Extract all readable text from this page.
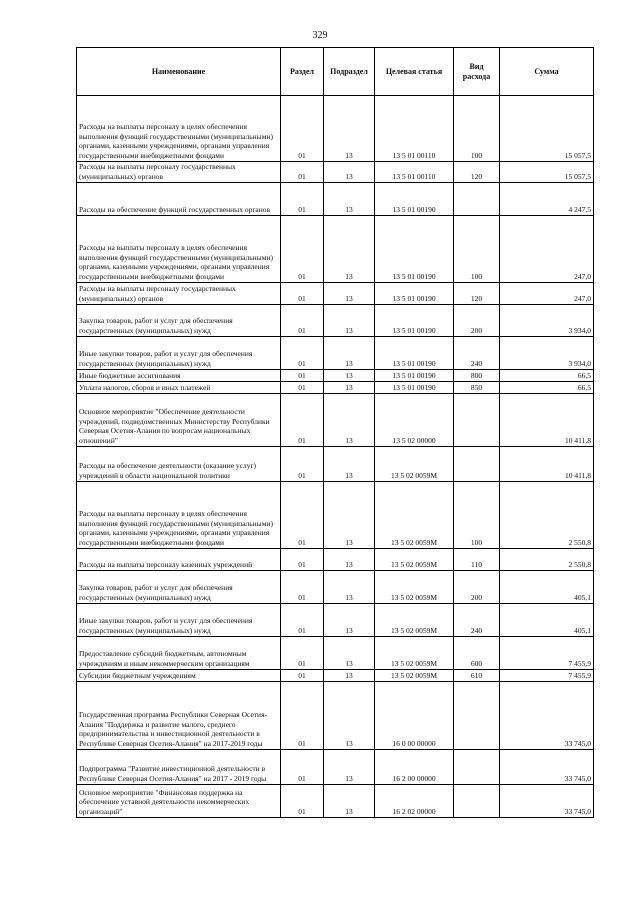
329
Наименование	Раздел	Подраздел	Целевая статья	Вид расхода	Сумма
Расходы на выплаты персоналу в целях обеспечения выполнения функций государственными (муниципальными) органами, казенными учреждениями, органами управления государственными внебюджетными фондами	01	13	13 5 01 00110	100	15 057,5
Расходы на выплаты персоналу государственных (муниципальных) органов	01	13	13 5 01 00110	120	15 057,5
Расходы на обеспечение функций государственных органов	01	13	13 5 01 00190		4 247,5
Расходы на выплаты персоналу в целях обеспечения выполнения функций государственными (муниципальными) органами, казенными учреждениями, органами управления государственными внебюджетными фондами	01	13	13 5 01 00190	100	247,0
Расходы на выплаты персоналу государственных (муниципальных) органов	01	13	13 5 01 00190	120	247,0
Закупка товаров, работ и услуг для обеспечения государственных (муниципальных) нужд	01	13	13 5 01 00190	200	3 934,0
Иные закупки товаров, работ и услуг для обеспечения государственных (муниципальных) нужд	01	13	13 5 01 00190	240	3 934,0
Иные бюджетные ассигнования	01	13	13 5 01 00190	800	66,5
Уплата налогов, сборов и иных платежей	01	13	13 5 01 00190	850	66,5
Основное мероприятие "Обеспечение деятельности учреждений, подведомственных Министерству Республики Северная Осетия-Алания по вопросам национальных отношений"	01	13	13 5 02 00000		10 411,8
Расходы на обеспечение деятельности (оказание услуг) учреждений в области национальной политики	01	13	13 5 02 0059М		10 411,8
Расходы на выплаты персоналу в целях обеспечения выполнения функций государственными (муниципальными) органами, казенными учреждениями, органами управления государственными внебюджетными фондами	01	13	13 5 02 0059М	100	2 550,8
Расходы на выплаты персоналу казенных учреждений	01	13	13 5 02 0059М	110	2 550,8
Закупка товаров, работ и услуг для обеспечения государственных (муниципальных) нужд	01	13	13 5 02 0059М	200	405,1
Иные закупки товаров, работ и услуг для обеспечения государственных (муниципальных) нужд	01	13	13 5 02 0059М	240	405,1
Предоставление субсидий бюджетным, автономным учреждениям и иным некоммерческим организациям	01	13	13 5 02 0059М	600	7 455,9
Субсидии бюджетным учреждениям	01	13	13 5 02 0059М	610	7 455,9
Государственная программа Республики Северная Осетия-Алания "Поддержка и развитие малого, среднего предпринимательства и инвестиционной деятельности в Республике Северная Осетия-Алания" на 2017-2019 годы	01	13	16 0 00 00000		33 745,0
Подпрограмма "Развитие инвестиционной деятельности в Республике Северная Осетия-Алания" на 2017 - 2019 годы	01	13	16 2 00 00000		33 745,0
Основное мероприятие "Финансовая поддержка на обеспечение уставной деятельности некоммерческих организаций"	01	13	16 2 02 00000		33 745,0
